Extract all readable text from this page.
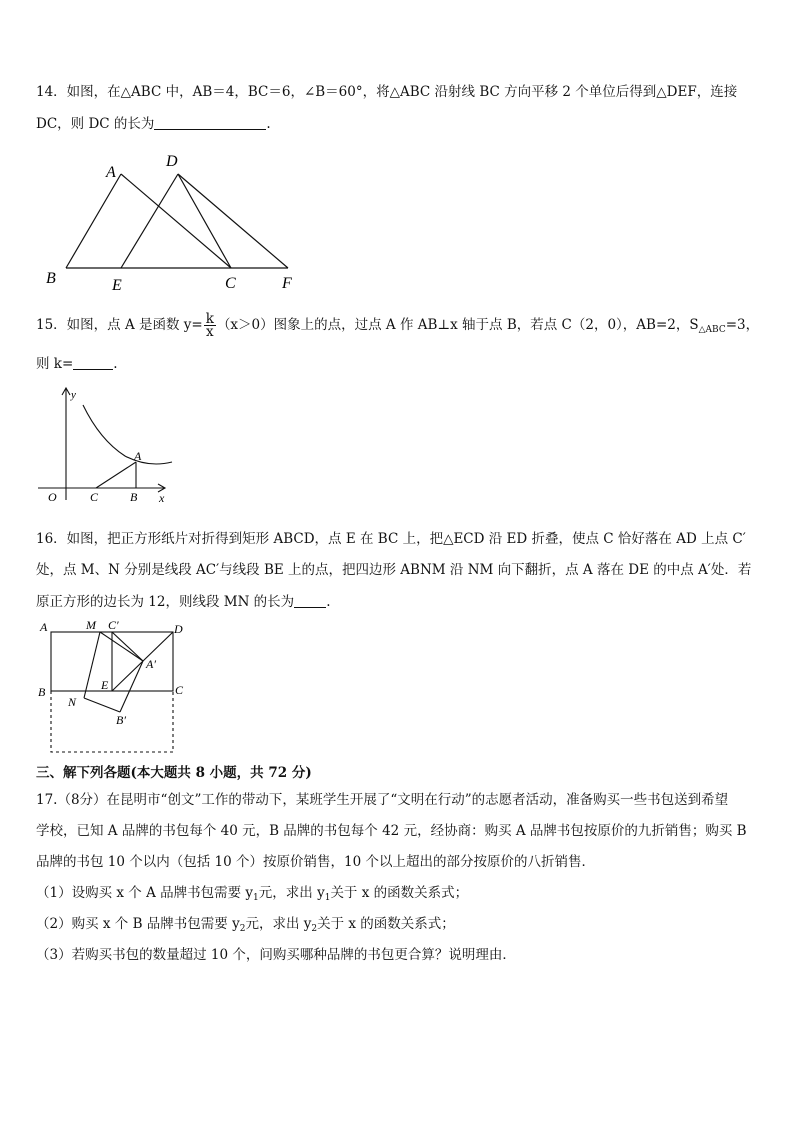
14．如图，在△ABC 中，AB＝4，BC＝6，∠B＝60°，将△ABC 沿射线 BC 方向平移 2 个单位后得到△DEF，连接
DC，则 DC 的长为	.
A
D
B	E	C	F
15．如图，点 A 是函数 $y= \frac{k}{x} (x>0)$图象上的点，过点 A 作 AB⊥x 轴于点 B，若点 C（2，0），AB=2，$S_{\triangle ABC}=3$，
则 k=	.
y
x
O	C	B
A
16．如图，把正方形纸片对折得到矩形 ABCD，点 E 在 BC 上，把△ECD 沿 ED 折叠，使点 C 恰好落在 AD 上点 C′
处，点 M、N 分别是线段 AC′与线段 BE 上的点，把四边形 ABNM 沿 NM 向下翻折，点 A 落在 DE 的中点 A′处．若
原正方形的边长为 12，则线段 MN 的长为 .
A	M C′	D
A′
E
B
N
C
B′
三、解下列各题(本大题共 8 小题，共 72 分)
17.（8分）在昆明市“创文”工作的带动下，某班学生开展了“文明在行动”的志愿者活动，准备购买一些书包送到希望
学校，已知 A 品牌的书包每个 40 元，B 品牌的书包每个 42 元，经协商：购买 A 品牌书包按原价的九折销售；购买 B
品牌的书包 10 个以内（包括 10 个）按原价销售，10 个以上超出的部分按原价的八折销售．
（1）设购买 x 个 A 品牌书包需要 $y_1$元，求出 $y_1$关于 x 的函数关系式；
（2）购买 x 个 B 品牌书包需要 $y_2$元，求出 $y_2$关于 x 的函数关系式；
（3）若购买书包的数量超过 10 个，问购买哪种品牌的书包更合算？说明理由．
